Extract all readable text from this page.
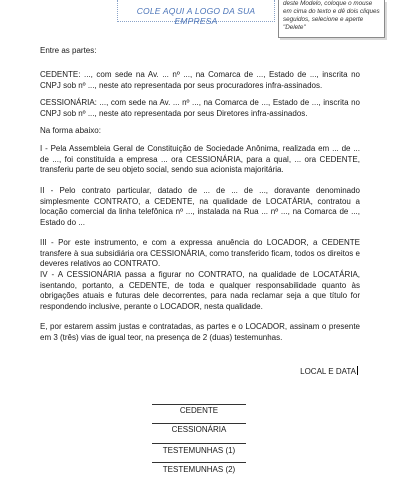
COLE AQUI A LOGO DA SUA EMPRESA
deste Modelo, coloque o mouse em cima do texto e dê dois cliques seguidos, selecione e aperte "Delete"
Entre as partes:
CEDENTE: ..., com sede na Av. ... nº ..., na Comarca de ..., Estado de ..., inscrita no CNPJ sob nº ..., neste ato representada por seus procuradores infra-assinados.
CESSIONÁRIA: ..., com sede na Av. ... nº ..., na Comarca de ..., Estado de ..., inscrita no CNPJ sob nº ..., neste ato representada por seus Diretores infra-assinados.
Na forma abaixo:
I - Pela Assembleia Geral de Constituição de Sociedade Anônima, realizada em ... de ... de ..., foi constituída a empresa ... ora CESSIONÁRIA, para a qual, ... ora CEDENTE, transferiu parte de seu objeto social, sendo sua acionista majoritária.
II - Pelo contrato particular, datado de ... de ... de ..., doravante denominado simplesmente CONTRATO, a CEDENTE, na qualidade de LOCATÁRIA, contratou a locação comercial da linha telefônica nº ..., instalada na Rua ... nº ..., na Comarca de ..., Estado do ...
III - Por este instrumento, e com a expressa anuência do LOCADOR, a CEDENTE transfere à sua subsidiária ora CESSIONÁRIA, como transferido ficam, todos os direitos e deveres relativos ao CONTRATO.
IV - A CESSIONÁRIA passa a figurar no CONTRATO, na qualidade de LOCATÁRIA, isentando, portanto, a CEDENTE, de toda e qualquer responsabilidade quanto às obrigações atuais e futuras dele decorrentes, para nada reclamar seja a que título for respondendo inclusive, perante o LOCADOR, nesta qualidade.
E, por estarem assim justas e contratadas, as partes e o LOCADOR, assinam o presente em 3 (três) vias de igual teor, na presença de 2 (duas) testemunhas.
LOCAL E DATA
CEDENTE
CESSIONÁRIA
TESTEMUNHAS (1)
TESTEMUNHAS (2)
